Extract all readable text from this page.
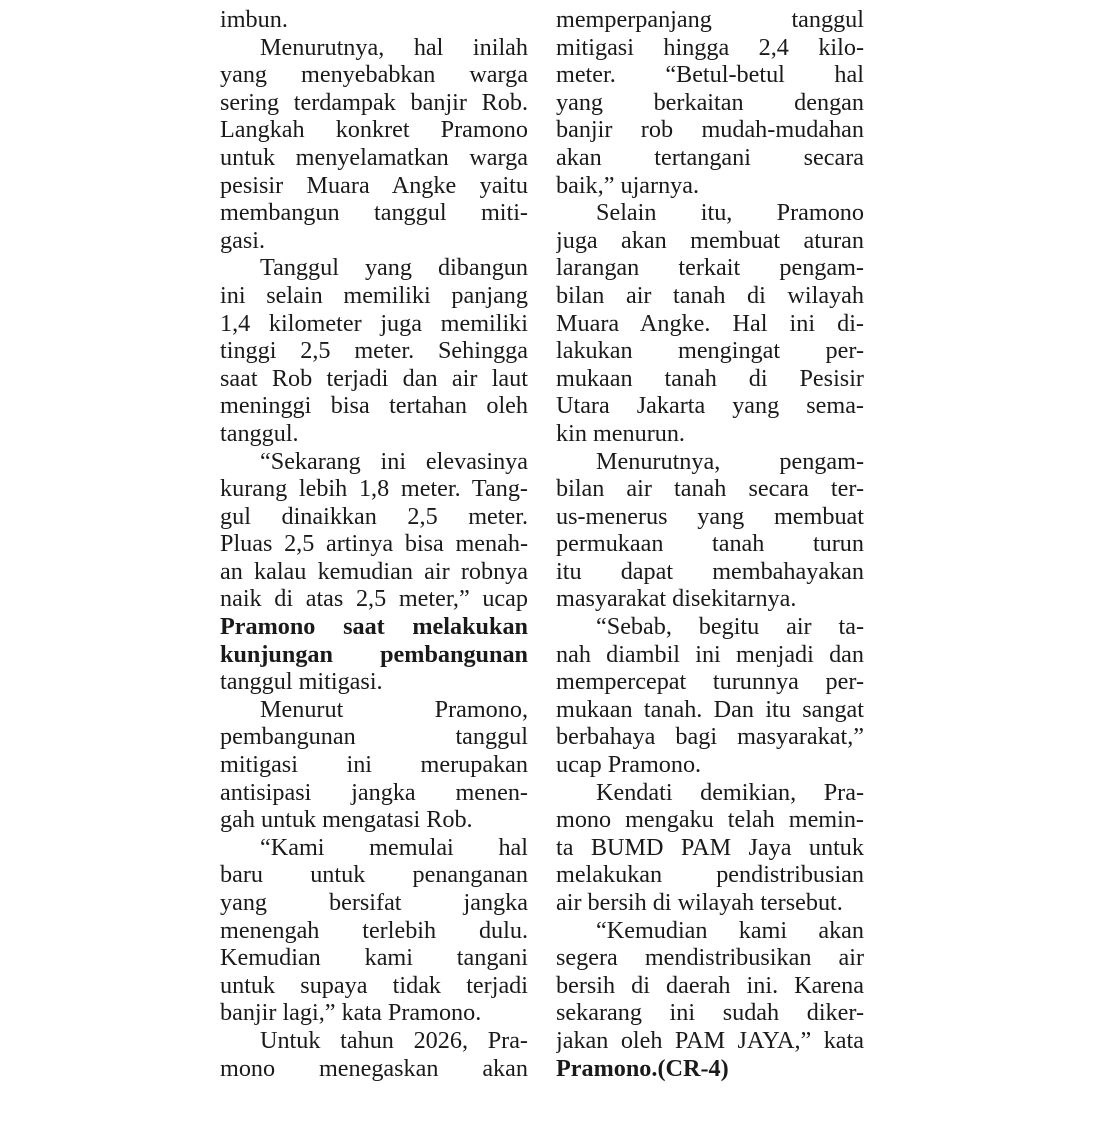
imbun.
Menurutnya, hal inilah
yang menyebabkan warga
sering terdampak banjir Rob.
Langkah konkret Pramono
untuk menyelamatkan warga
pesisir Muara Angke yaitu
membangun tanggul miti-
gasi.
Tanggul yang dibangun
ini selain memiliki panjang
1,4 kilometer juga memiliki
tinggi 2,5 meter. Sehingga
saat Rob terjadi dan air laut
meninggi bisa tertahan oleh
tanggul.
“Sekarang ini elevasinya
kurang lebih 1,8 meter. Tang-
gul dinaikkan 2,5 meter.
Pluas 2,5 artinya bisa menah-
an kalau kemudian air robnya
naik di atas 2,5 meter,” ucap
Pramono saat melakukan
kunjungan pembangunan
tanggul mitigasi.
Menurut Pramono,
pembangunan tanggul
mitigasi ini merupakan
antisipasi jangka menen-
gah untuk mengatasi Rob.
“Kami memulai hal
baru untuk penanganan
yang bersifat jangka
menengah terlebih dulu.
Kemudian kami tangani
untuk supaya tidak terjadi
banjir lagi,” kata Pramono.
Untuk tahun 2026, Pra-
mono menegaskan akan
memperpanjang tanggul
mitigasi hingga 2,4 kilo-
meter. “Betul-betul hal
yang berkaitan dengan
banjir rob mudah-mudahan
akan tertangani secara
baik,” ujarnya.
Selain itu, Pramono
juga akan membuat aturan
larangan terkait pengam-
bilan air tanah di wilayah
Muara Angke. Hal ini di-
lakukan mengingat per-
mukaan tanah di Pesisir
Utara Jakarta yang sema-
kin menurun.
Menurutnya, pengam-
bilan air tanah secara ter-
us-menerus yang membuat
permukaan tanah turun
itu dapat membahayakan
masyarakat disekitarnya.
“Sebab, begitu air ta-
nah diambil ini menjadi dan
mempercepat turunnya per-
mukaan tanah. Dan itu sangat
berbahaya bagi masyarakat,”
ucap Pramono.
Kendati demikian, Pra-
mono mengaku telah memin-
ta BUMD PAM Jaya untuk
melakukan pendistribusian
air bersih di wilayah tersebut.
“Kemudian kami akan
segera mendistribusikan air
bersih di daerah ini. Karena
sekarang ini sudah diker-
jakan oleh PAM JAYA,” kata
Pramono.(CR-4)
